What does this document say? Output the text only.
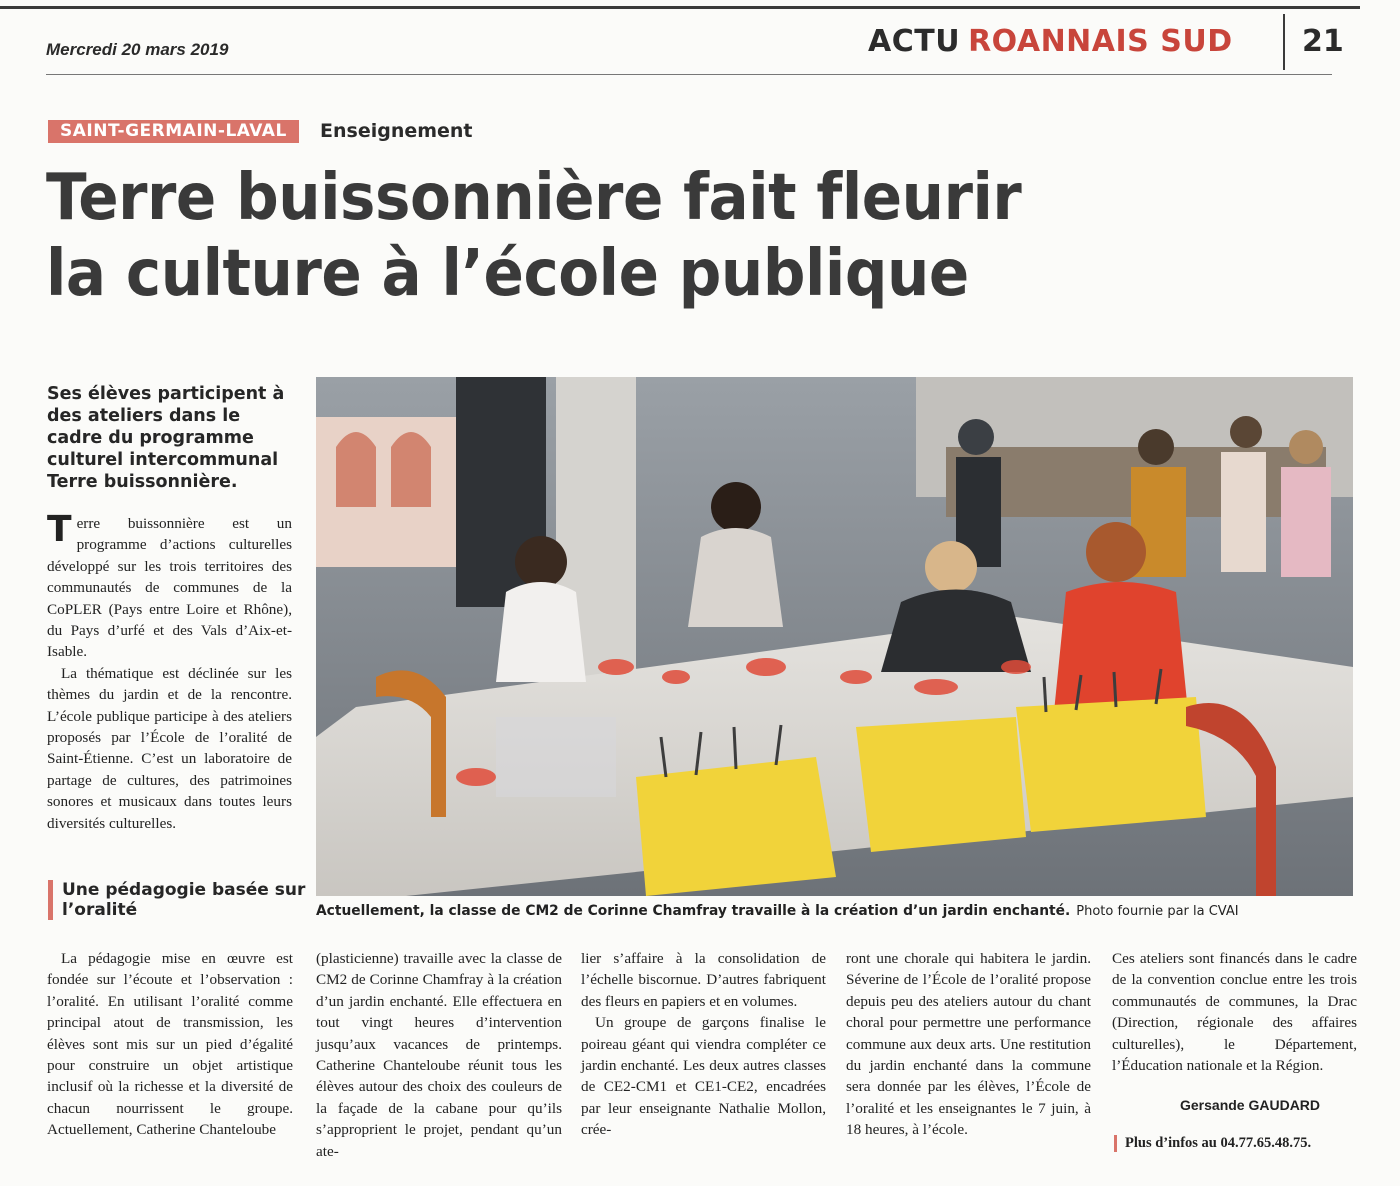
Mercredi 20 mars 2019	ACTU ROANNAIS SUD 21
SAINT-GERMAIN-LAVAL	Enseignement
Terre buissonnière fait fleurir
la culture à l’école publique

Ses élèves participent à des ateliers dans le cadre du programme culturel intercommunal Terre buissonnière.

Terre buissonnière est un programme d’actions culturelles développé sur les trois territoires des communautés de communes de la CoPLER (Pays entre Loire et Rhône), du Pays d’urfé et des Vals d’Aix-et-Isable.

La thématique est déclinée sur les thèmes du jardin et de la rencontre. L’école publique participe à des ateliers proposés par l’École de l’oralité de Saint-Étienne. C’est un laboratoire de partage de cultures, des patrimoines sonores et musicaux dans toutes leurs diversités culturelles.

Une pédagogie basée sur l’oralité	Actuellement, la classe de CM2 de Corinne Chamfray travaille à la création d’un jardin enchanté. Photo fournie par la CVAI

La pédagogie mise en œuvre est fondée sur l’écoute et l’observation : l’oralité. En utilisant l’oralité comme principal atout de transmission, les élèves sont mis sur un pied d’égalité pour construire un objet artistique inclusif où la richesse et la diversité de chacun nourrissent le groupe. Actuellement, Catherine Chanteloube

(plasticienne) travaille avec la classe de CM2 de Corinne Chamfray à la création d’un jardin enchanté. Elle effectuera en tout vingt heures d’intervention jusqu’aux vacances de printemps. Catherine Chanteloube réunit tous les élèves autour des choix des couleurs de la façade de la cabane pour qu’ils s’approprient le projet, pendant qu’un ate-

lier s’affaire à la consolidation de l’échelle biscornue. D’autres fabriquent des fleurs en papiers et en volumes.

Un groupe de garçons finalise le poireau géant qui viendra compléter ce jardin enchanté. Les deux autres classes de CE2-CM1 et CE1-CE2, encadrées par leur enseignante Nathalie Mollon, crée-

ront une chorale qui habitera le jardin. Séverine de l’École de l’oralité propose depuis peu des ateliers autour du chant choral pour permettre une performance commune aux deux arts. Une restitution du jardin enchanté dans la commune sera donnée par les élèves, l’École de l’oralité et les enseignantes le 7 juin, à 18 heures, à l’école.

Ces ateliers sont financés dans le cadre de la convention conclue entre les trois communautés de communes, la Drac (Direction, régionale des affaires culturelles), le Département, l’Éducation nationale et la Région.

Gersande GAUDARD
Plus d’infos au 04.77.65.48.75.
